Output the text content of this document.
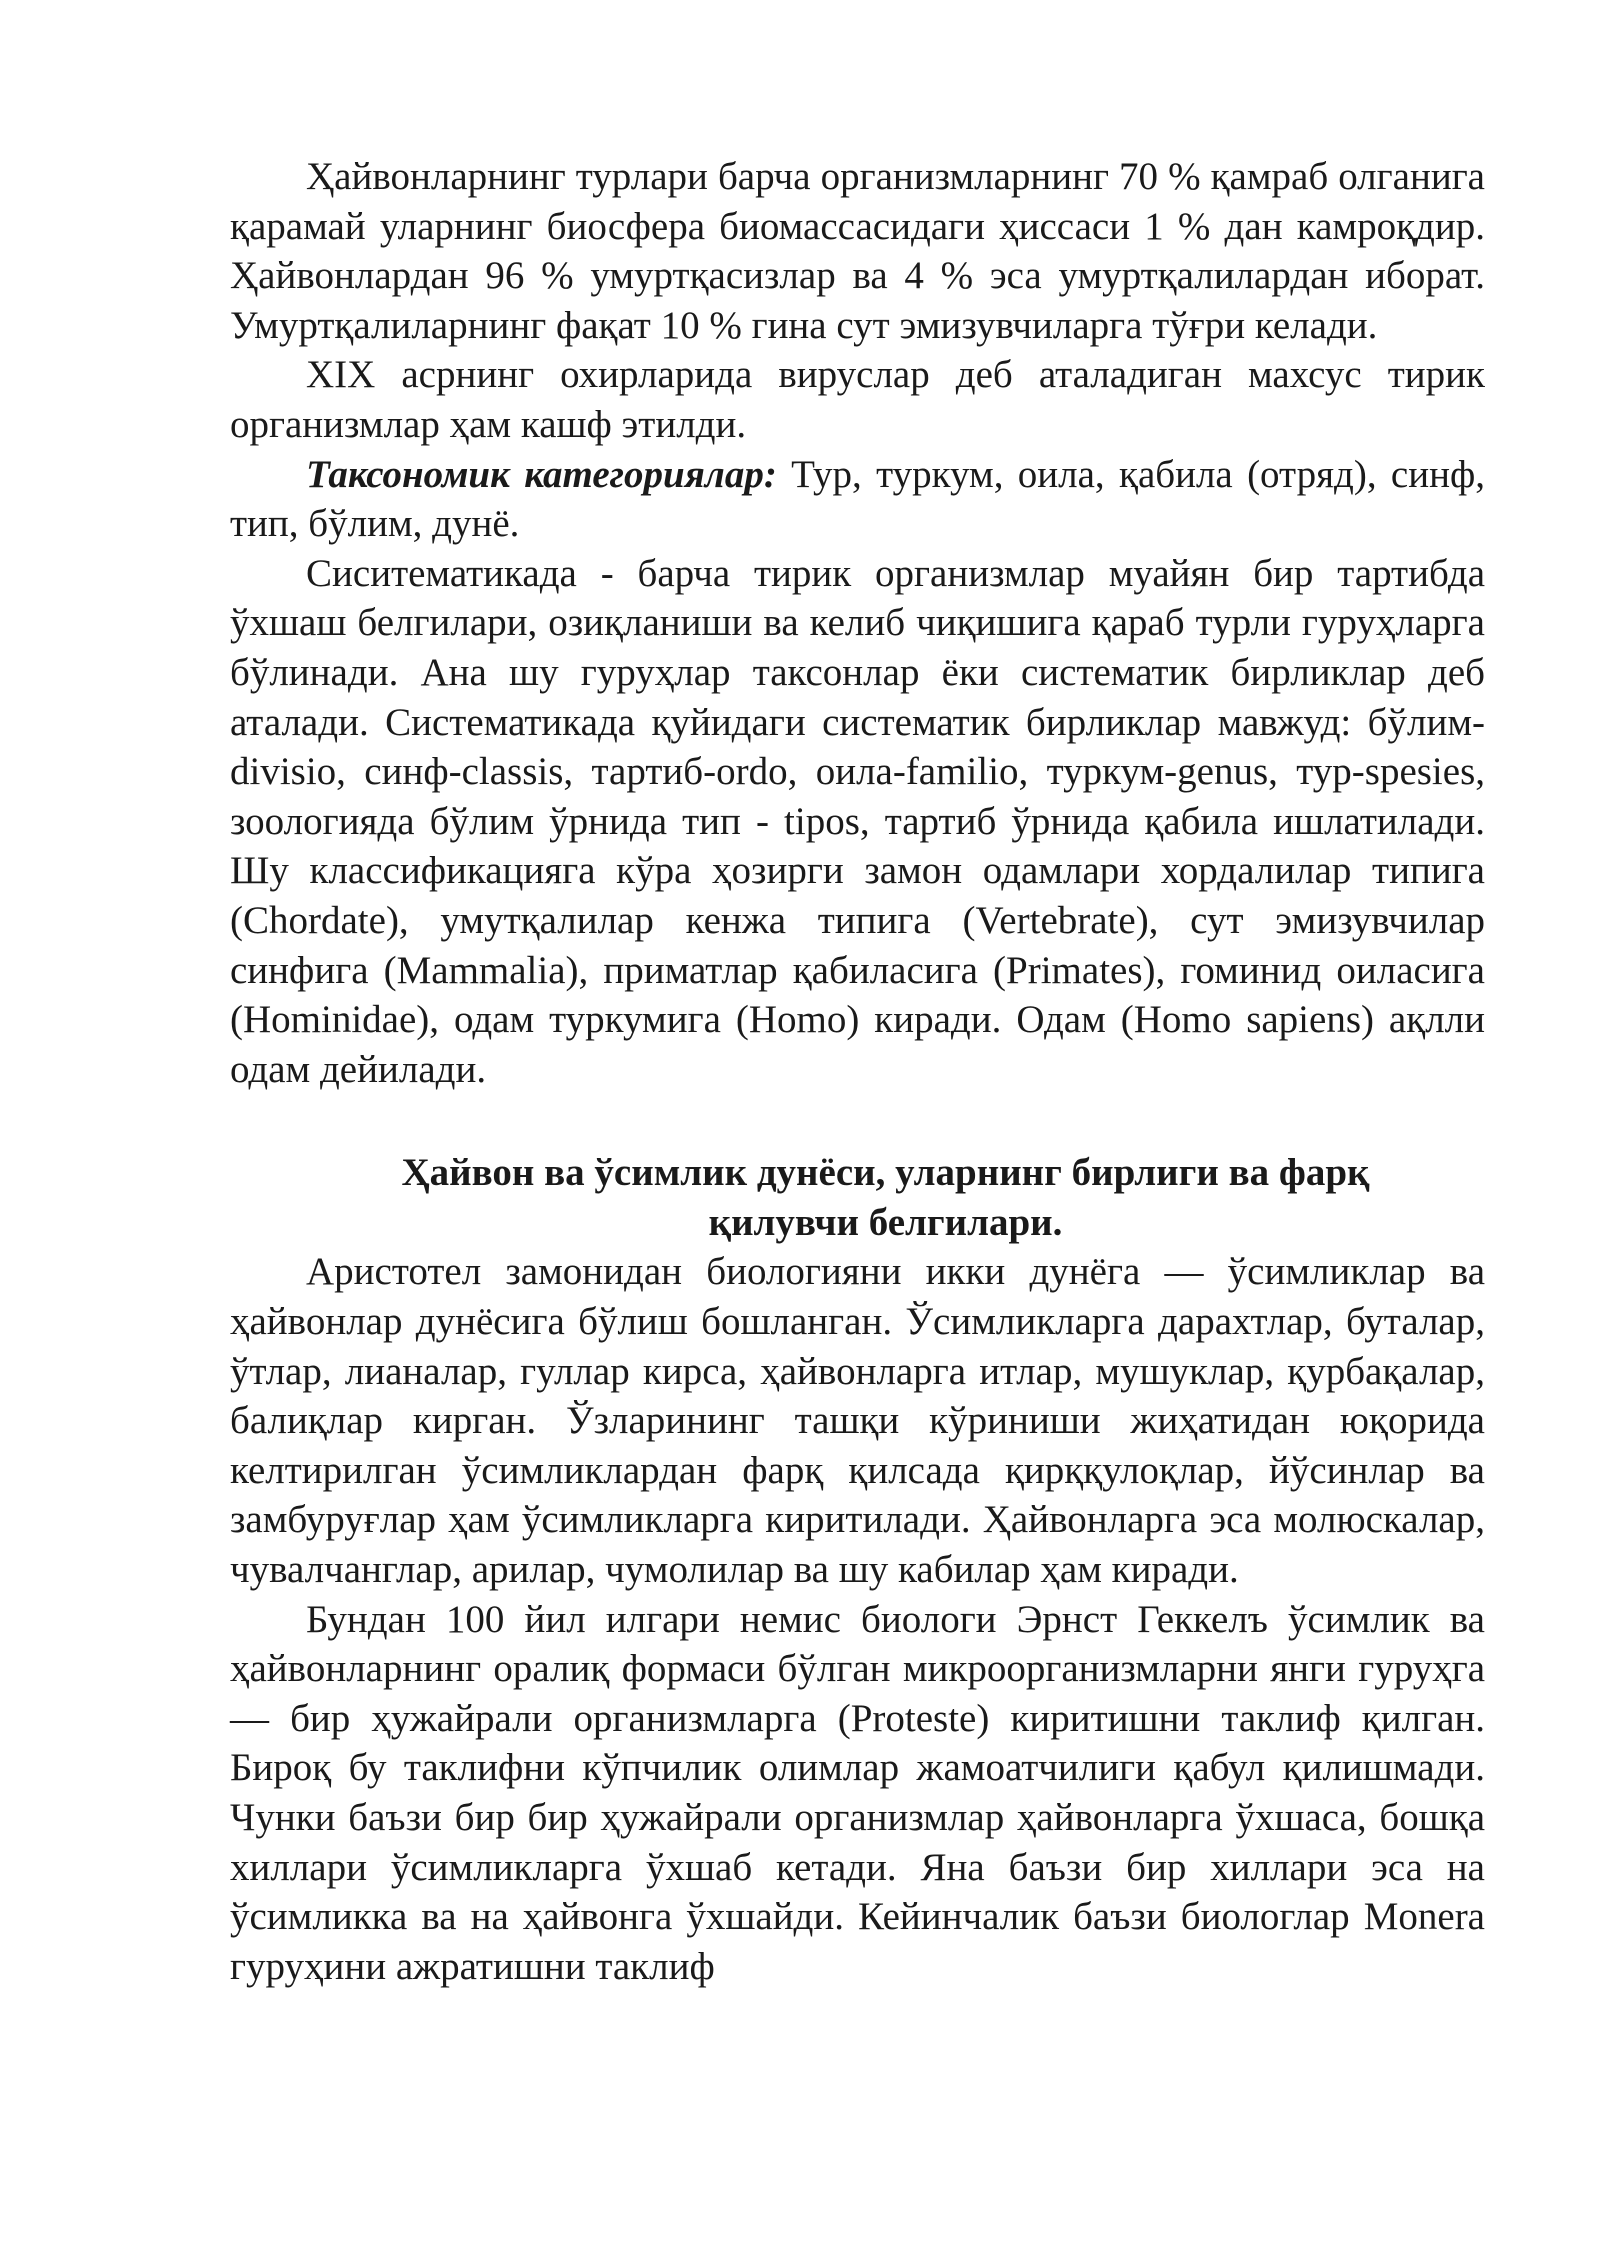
Ҳайвонларнинг турлари барча организмларнинг 70 % қамраб олганига қарамай уларнинг биосфера биомассасидаги ҳиссаси 1 % дан камроқдир. Ҳайвонлардан 96 % умуртқасизлар ва 4 % эса умуртқалилардан иборат. Умуртқалиларнинг фақат 10 % гина сут эмизувчиларга тўғри келади.

XIX асрнинг охирларида вируслар деб аталадиган махсус тирик организмлар ҳам кашф этилди.

Таксономик категориялар: Тур, туркум, оила, қабила (отряд), синф, тип, бўлим, дунё.

Сиситематикада - барча тирик организмлар муайян бир тартибда ўхшаш белгилари, озиқланиши ва келиб чиқишига қараб турли гуруҳларга бўлинади. Ана шу гуруҳлар таксонлар ёки систематик бирликлар деб аталади. Систематикада қуйидаги систематик бирликлар мавжуд: бўлим-divisio, синф-classis, тартиб-ordo, оила-familio, туркум-genus, тур-spesies, зоологияда бўлим ўрнида тип - tipos, тартиб ўрнида қабила ишлатилади. Шу классификацияга кўра ҳозирги замон одамлари хордалилар типига (Chordate), умутқалилар кенжа типига (Vertebrate), сут эмизувчилар синфига (Mammalia), приматлар қабиласига (Primates), гоминид оиласига (Hominidae), одам туркумига (Homo) киради. Одам (Homo sapiens) ақлли одам дейилади.

Ҳайвон ва ўсимлик дунёси, уларнинг бирлиги ва фарқ
қилувчи белгилари.

Аристотел замонидан биологияни икки дунёга — ўсимликлар ва ҳайвонлар дунёсига бўлиш бошланган. Ўсимликларга дарахтлар, буталар, ўтлар, лианалар, гуллар кирса, ҳайвонларга итлар, мушуклар, қурбақалар, балиқлар кирган. Ўзларининг ташқи кўриниши жиҳатидан юқорида келтирилган ўсимликлардан фарқ қилсада қирққулоқлар, йўсинлар ва замбуруғлар ҳам ўсимликларга киритилади. Ҳайвонларга эса молюскалар, чувалчанглар, арилар, чумолилар ва шу кабилар ҳам киради.

Бундан 100 йил илгари немис биологи Эрнст Геккелъ ўсимлик ва ҳайвонларнинг оралиқ формаси бўлган микроорганизмларни янги гуруҳга — бир ҳужайрали организмларга (Proteste) киритишни таклиф қилган. Бироқ бу таклифни кўпчилик олимлар жамоатчилиги қабул қилишмади. Чунки баъзи бир бир ҳужайрали организмлар ҳайвонларга ўхшаса, бошқа хиллари ўсимликларга ўхшаб кетади. Яна баъзи бир хиллари эса на ўсимликка ва на ҳайвонга ўхшайди. Кейинчалик баъзи биологлар Monera гуруҳини ажратишни таклиф
